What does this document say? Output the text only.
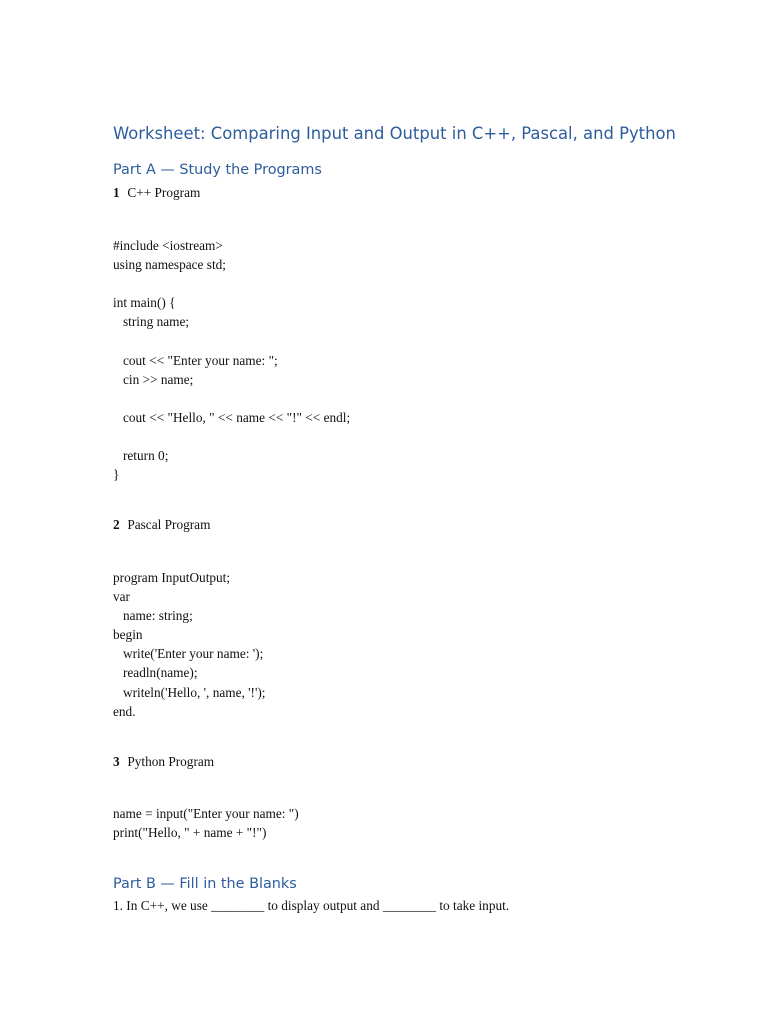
Worksheet: Comparing Input and Output in C++, Pascal, and Python
Part A — Study the Programs
1 C++ Program
#include <iostream>
using namespace std;
int main() {
string name;
cout << "Enter your name: ";
cin >> name;
cout << "Hello, " << name << "!" << endl;
return 0;
}
2 Pascal Program
program InputOutput;
var
name: string;
begin
write('Enter your name: ');
readln(name);
writeln('Hello, ', name, '!');
end.
3 Python Program
name = input("Enter your name: ")
print("Hello, " + name + "!")
Part B — Fill in the Blanks
1. In C++, we use ________ to display output and ________ to take input.
